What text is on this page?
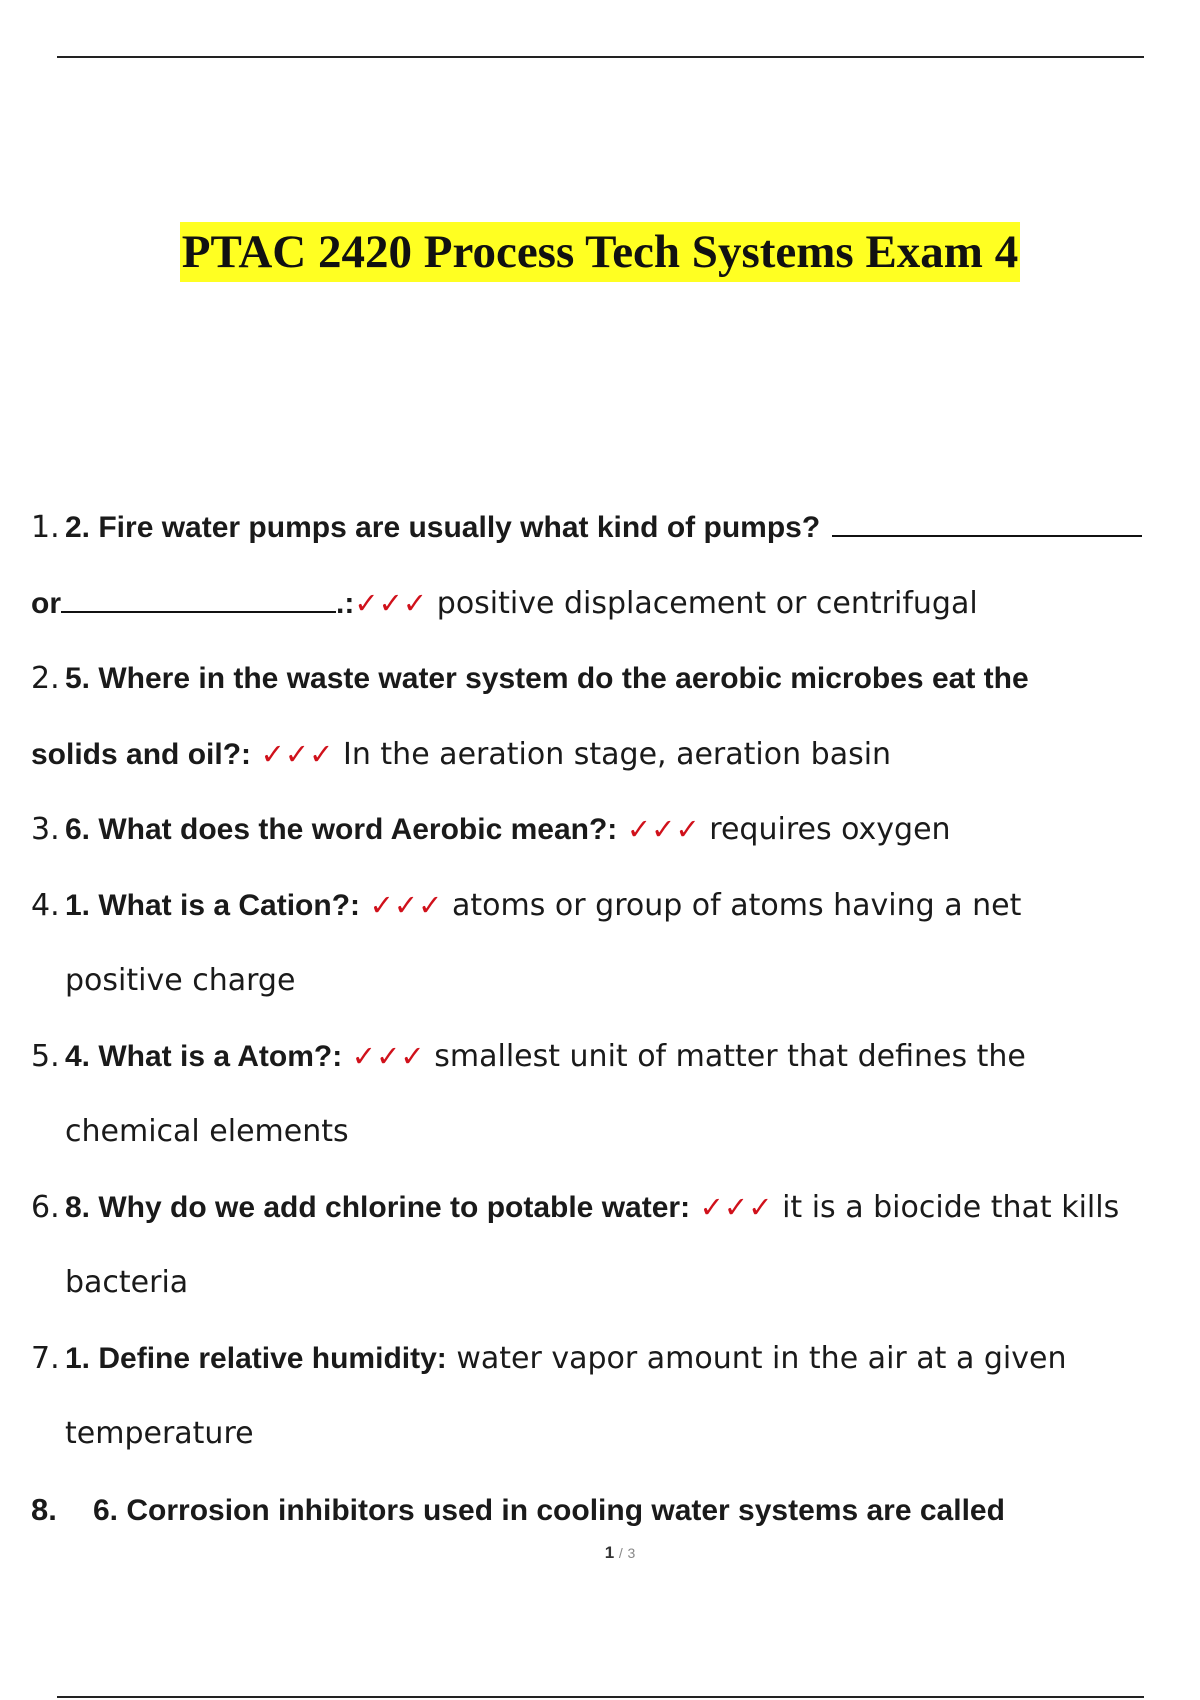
PTAC 2420 Process Tech Systems Exam 4
1. 2. Fire water pumps are usually what kind of pumps?
or	.:✓✓✓ positive displacement or centrifugal
2. 5. Where in the waste water system do the aerobic microbes eat the
solids and oil?: ✓✓✓ In the aeration stage, aeration basin
3. 6. What does the word Aerobic mean?: ✓✓✓ requires oxygen
4. 1. What is a Cation?: ✓✓✓ atoms or group of atoms having a net
positive charge
5. 4. What is a Atom?: ✓✓✓ smallest unit of matter that defines the
chemical elements
6. 8. Why do we add chlorine to potable water: ✓✓✓ it is a biocide that kills
bacteria
7. 1. Define relative humidity: water vapor amount in the air at a given
temperature
8. 6. Corrosion inhibitors used in cooling water systems are called
1 / 3
